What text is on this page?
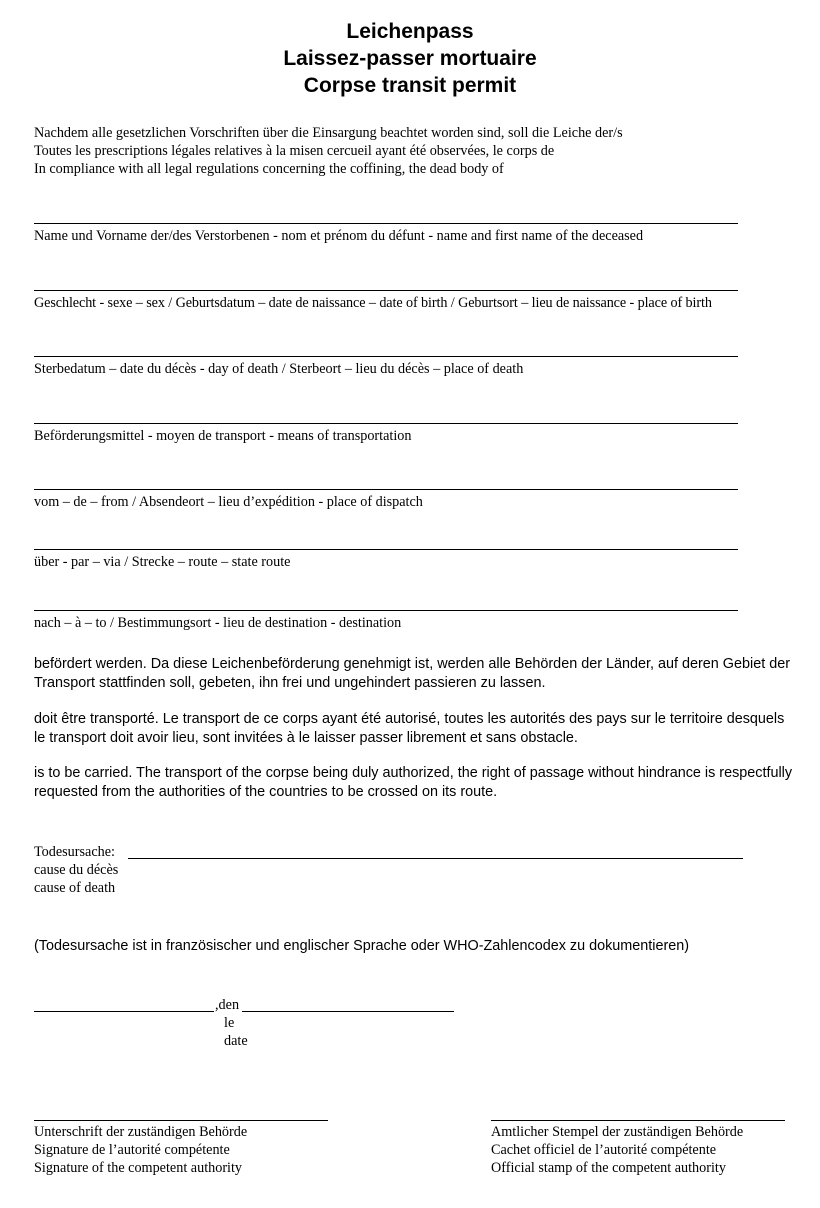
Leichenpass
Laissez-passer mortuaire
Corpse transit permit
Nachdem alle gesetzlichen Vorschriften über die Einsargung beachtet worden sind, soll die Leiche der/s
Toutes les prescriptions légales relatives à la misen cercueil ayant été observées, le corps de
In compliance with all legal regulations concerning the coffining, the dead body of
Name und Vorname der/des Verstorbenen - nom et prénom du défunt - name and first name of the deceased
Geschlecht - sexe – sex / Geburtsdatum – date de naissance – date of birth / Geburtsort – lieu de naissance - place of birth
Sterbedatum – date du décès - day of death / Sterbeort – lieu du décès – place of death
Beförderungsmittel - moyen de transport - means of transportation
vom – de – from / Absendeort – lieu d’expédition - place of dispatch
über - par – via / Strecke – route – state route
nach – à – to / Bestimmungsort - lieu de destination - destination
befördert werden. Da diese Leichenbeförderung genehmigt ist, werden alle Behörden der Länder, auf deren Gebiet der Transport stattfinden soll, gebeten, ihn frei und ungehindert passieren zu lassen.
doit être transporté. Le transport de ce corps ayant été autorisé, toutes les autorités des pays sur le territoire desquels le transport doit avoir lieu, sont invitées à le laisser passer librement et sans obstacle.
is to be carried. The transport of the corpse being duly authorized, the right of passage without hindrance is respectfully requested from the authorities of the countries to be crossed on its route.
Todesursache:
cause du décès
cause of death
(Todesursache ist in französischer und englischer Sprache oder WHO-Zahlencodex zu dokumentieren)
,den
le
date
Unterschrift der zuständigen Behörde
Signature de l’autorité compétente
Signature of the competent authority
Amtlicher Stempel der zuständigen Behörde
Cachet officiel de l’autorité compétente
Official stamp of the competent authority
